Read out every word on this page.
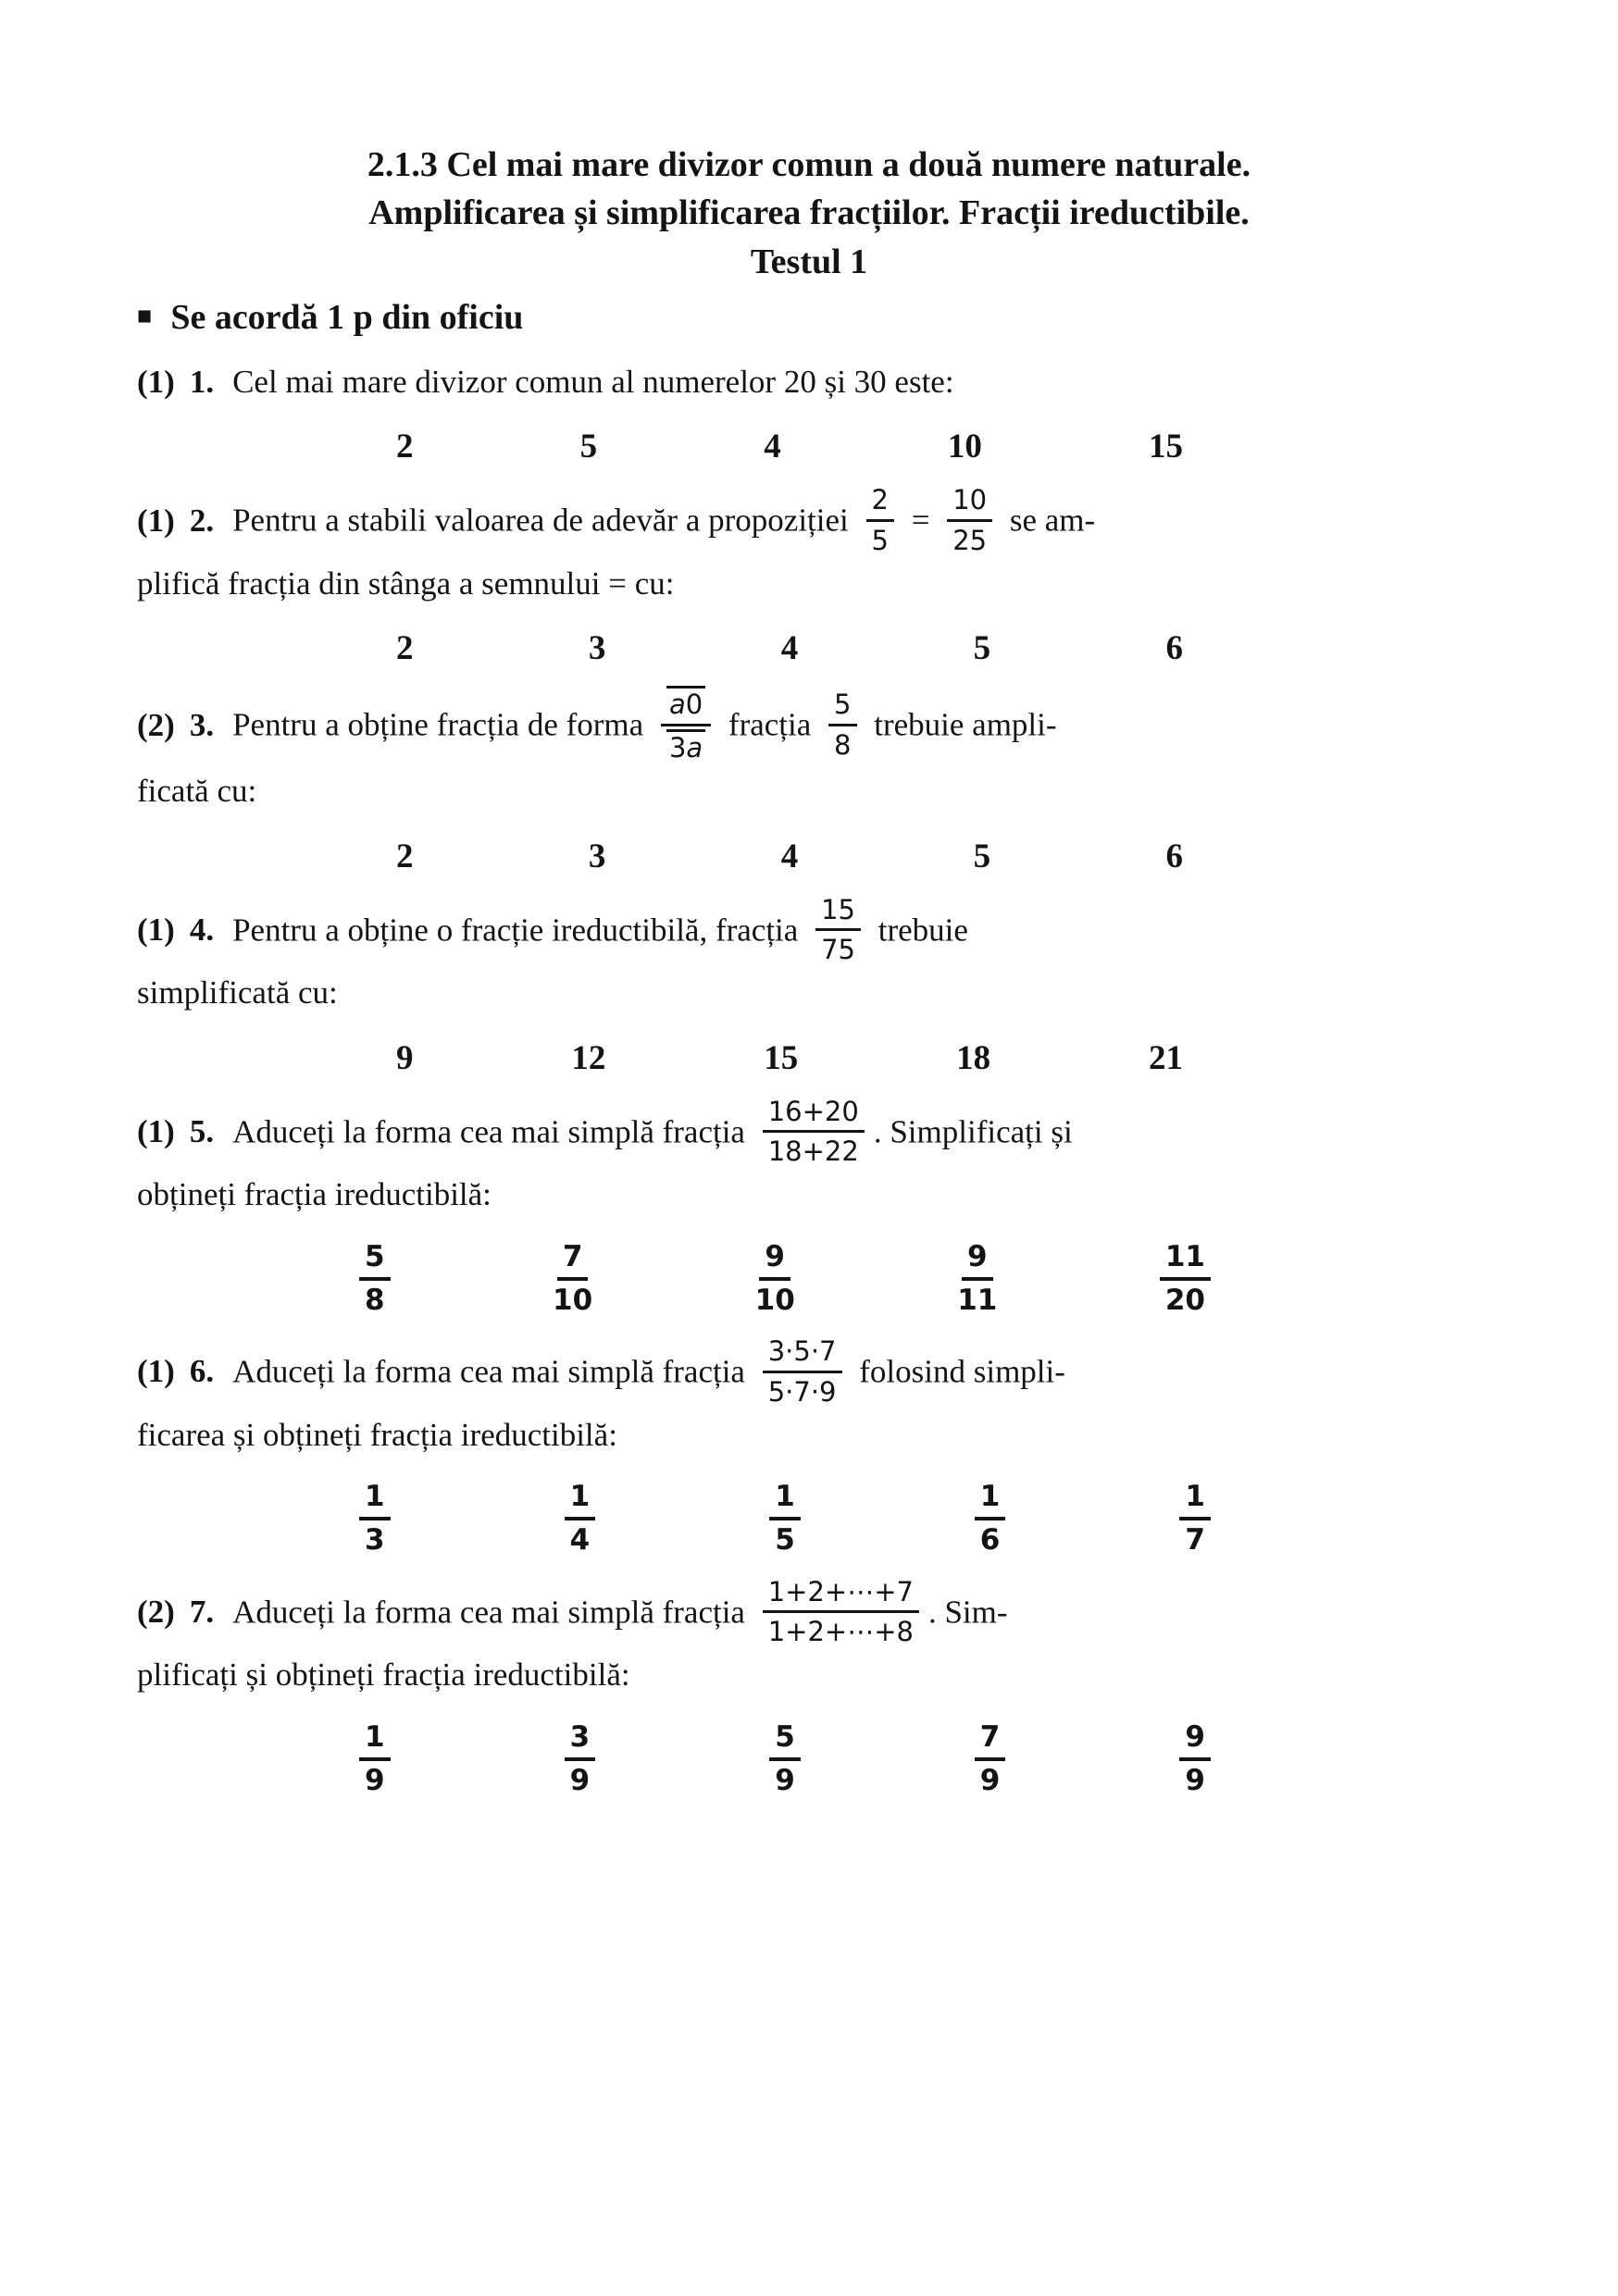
2.1.3 Cel mai mare divizor comun a două numere naturale.
Amplificarea și simplificarea fracțiilor. Fracții ireductibile.
Testul 1
■ Se acordă 1 p din oficiu

(1) 1. Cel mai mare divizor comun al numerelor 20 și 30 este:

2	5	4	10	15

(1) 2. Pentru a stabili valoarea de adevăr a propoziției $\frac{2}{5} = \frac{10}{25}$ se am-
plifică fracția din stânga a semnului = cu:

2	3	4	5	6

(2) 3. Pentru a obține fracția de forma $\frac{a0}{3a}$ fracția $\frac{5}{8}$ trebuie ampli-
ficată cu:

2	3	4	5	6

(1) 4. Pentru a obține o fracție ireductibilă, fracția $\frac{15}{75}$ trebuie
simplificată cu:

9	12	15	18	21

(1) 5. Aduceți la forma cea mai simplă fracția $\frac{16+20}{18+22}$ . Simplificați și
obțineți fracția ireductibilă:

$\frac{5}{8}$	$\frac{7}{10}$	$\frac{9}{10}$	$\frac{9}{11}$	$\frac{11}{20}$

(1) 6. Aduceți la forma cea mai simplă fracția $\frac{3\cdot 5\cdot 7}{5\cdot 7\cdot 9}$ folosind simpli-
ficarea și obțineți fracția ireductibilă:

$\frac{1}{3}$	$\frac{1}{4}$	$\frac{1}{5}$	$\frac{1}{6}$	$\frac{1}{7}$

(2) 7. Aduceți la forma cea mai simplă fracția $\frac{1+2+\cdots+7}{1+2+\cdots+8}$ . Sim-
plificați și obțineți fracția ireductibilă:

$\frac{1}{9}$	$\frac{3}{9}$	$\frac{5}{9}$	$\frac{7}{9}$	$\frac{9}{9}$
